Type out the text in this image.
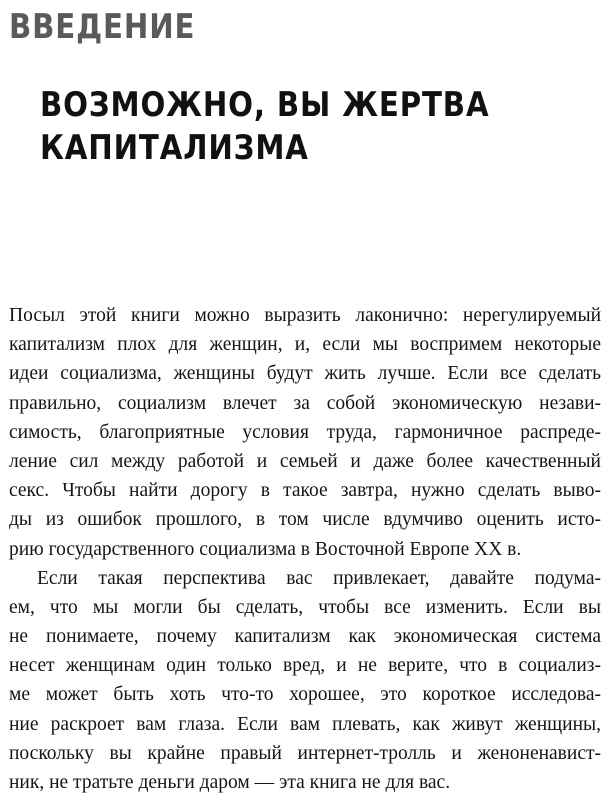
ВВЕДЕНИЕ
ВОЗМОЖНО, ВЫ ЖЕРТВА
КАПИТАЛИЗМА
Посыл этой книги можно выразить лаконично: нерегулируемый
капитализм плох для женщин, и, если мы воспримем некоторые
идеи социализма, женщины будут жить лучше. Если все сделать
правильно, социализм влечет за собой экономическую незави-
симость, благоприятные условия труда, гармоничное распреде-
ление сил между работой и семьей и даже более качественный
секс. Чтобы найти дорогу в такое завтра, нужно сделать выво-
ды из ошибок прошлого, в том числе вдумчиво оценить исто-
рию государственного социализма в Восточной Европе XX в.
Если такая перспектива вас привлекает, давайте подума-
ем, что мы могли бы сделать, чтобы все изменить. Если вы
не понимаете, почему капитализм как экономическая система
несет женщинам один только вред, и не верите, что в социализ-
ме может быть хоть что-то хорошее, это короткое исследова-
ние раскроет вам глаза. Если вам плевать, как живут женщины,
поскольку вы крайне правый интернет-тролль и женоненавист-
ник, не тратьте деньги даром — эта книга не для вас.
